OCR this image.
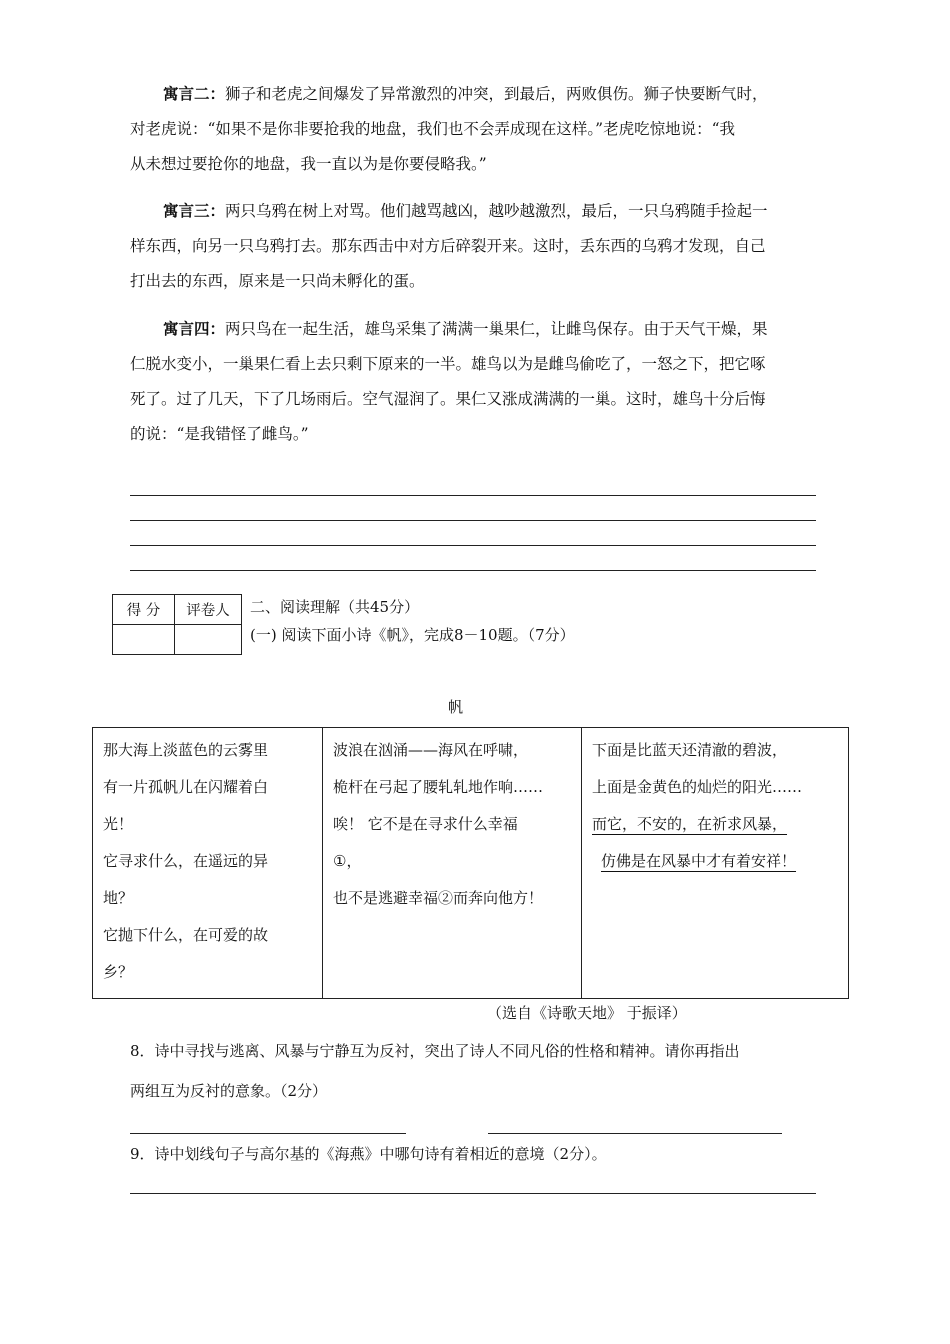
寓言二：狮子和老虎之间爆发了异常激烈的冲突，到最后，两败俱伤。狮子快要断气时，
对老虎说：“如果不是你非要抢我的地盘，我们也不会弄成现在这样。”老虎吃惊地说：“我
从未想过要抢你的地盘，我一直以为是你要侵略我。”
寓言三：两只乌鸦在树上对骂。他们越骂越凶，越吵越激烈，最后，一只乌鸦随手捡起一
样东西，向另一只乌鸦打去。那东西击中对方后碎裂开来。这时，丢东西的乌鸦才发现，自己
打出去的东西，原来是一只尚未孵化的蛋。
寓言四：两只鸟在一起生活，雄鸟采集了满满一巢果仁，让雌鸟保存。由于天气干燥，果
仁脱水变小，一巢果仁看上去只剩下原来的一半。雄鸟以为是雌鸟偷吃了，一怒之下，把它啄
死了。过了几天，下了几场雨后。空气湿润了。果仁又涨成满满的一巢。这时，雄鸟十分后悔
的说：“是我错怪了雌鸟。”
得 分	评卷人
	二、阅读理解（共45分）
(一) 阅读下面小诗《帆》，完成8－10题。（7分）
帆
那大海上淡蓝色的云雾里
有一片孤帆儿在闪耀着白
光！
它寻求什么，在遥远的异
地？
它抛下什么，在可爱的故
乡？

波浪在汹涌——海风在呼啸，
桅杆在弓起了腰轧轧地作响……
唉！ 它不是在寻求什么幸福
①，
也不是逃避幸福②而奔向他方！

下面是比蓝天还清澈的碧波，
上面是金黄色的灿烂的阳光……
而它，不安的，在祈求风暴，
仿佛是在风暴中才有着安祥！
（选自《诗歌天地》 于振译）
8．诗中寻找与逃离、风暴与宁静互为反衬，突出了诗人不同凡俗的性格和精神。请你再指出
两组互为反衬的意象。（2分）
9．诗中划线句子与高尔基的《海燕》中哪句诗有着相近的意境（2分）。
